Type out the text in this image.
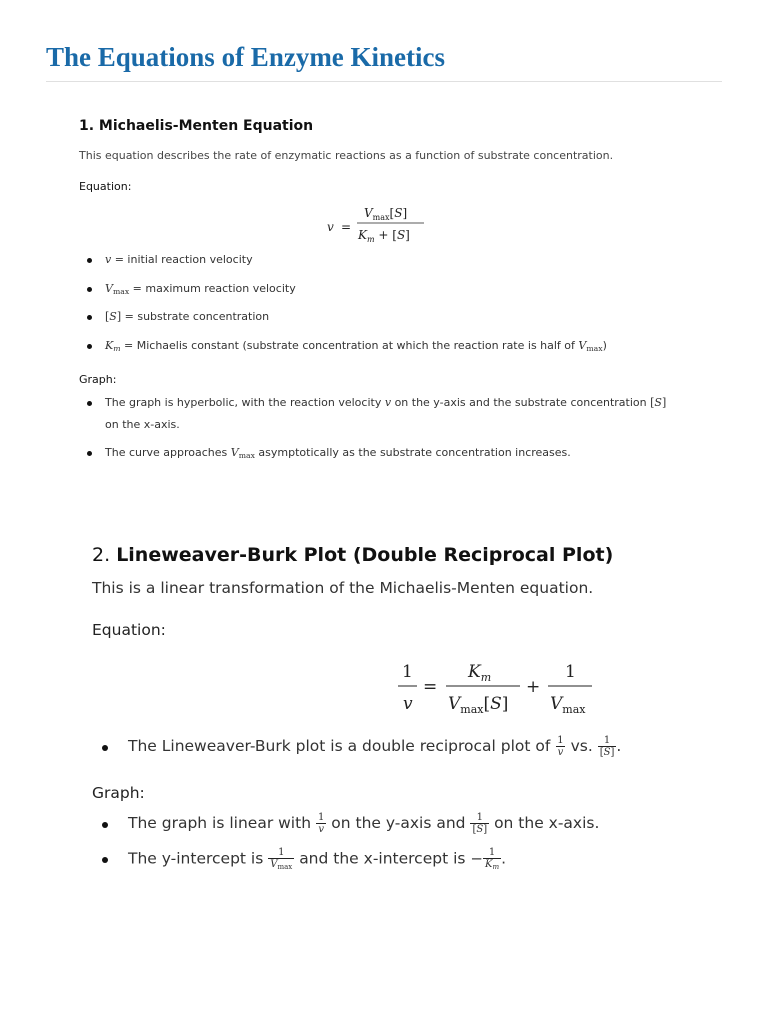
The Equations of Enzyme Kinetics
1. Michaelis-Menten Equation
This equation describes the rate of enzymatic reactions as a function of substrate concentration.
Equation:
v =
$V_{max}[S]$
$K_m + [S]$
v = initial reaction velocity
Vmax = maximum reaction velocity
[S] = substrate concentration
Km = Michaelis constant (substrate concentration at which the reaction rate is half of Vmax)
Graph:
The graph is hyperbolic, with the reaction velocity v on the y-axis and the substrate concentration [S] on the x-axis.
The curve approaches Vmax asymptotically as the substrate concentration increases.
2. Lineweaver-Burk Plot (Double Reciprocal Plot)
This is a linear transformation of the Michaelis-Menten equation.
Equation:
1
v
=
$K_m$
$V_{max}[S]$
+
1
$V_{max}$
The Lineweaver-Burk plot is a double reciprocal plot of $\frac{1}{v}$ vs. $\frac{1}{[S]}$ .
Graph:
The graph is linear with $\frac{1}{v}$ on the y-axis and $\frac{1}{[S]}$ on the x-axis.
The y-intercept is $\frac{1}{Vmax}$ and the x-intercept is − $\frac{1}{Km}$ .
